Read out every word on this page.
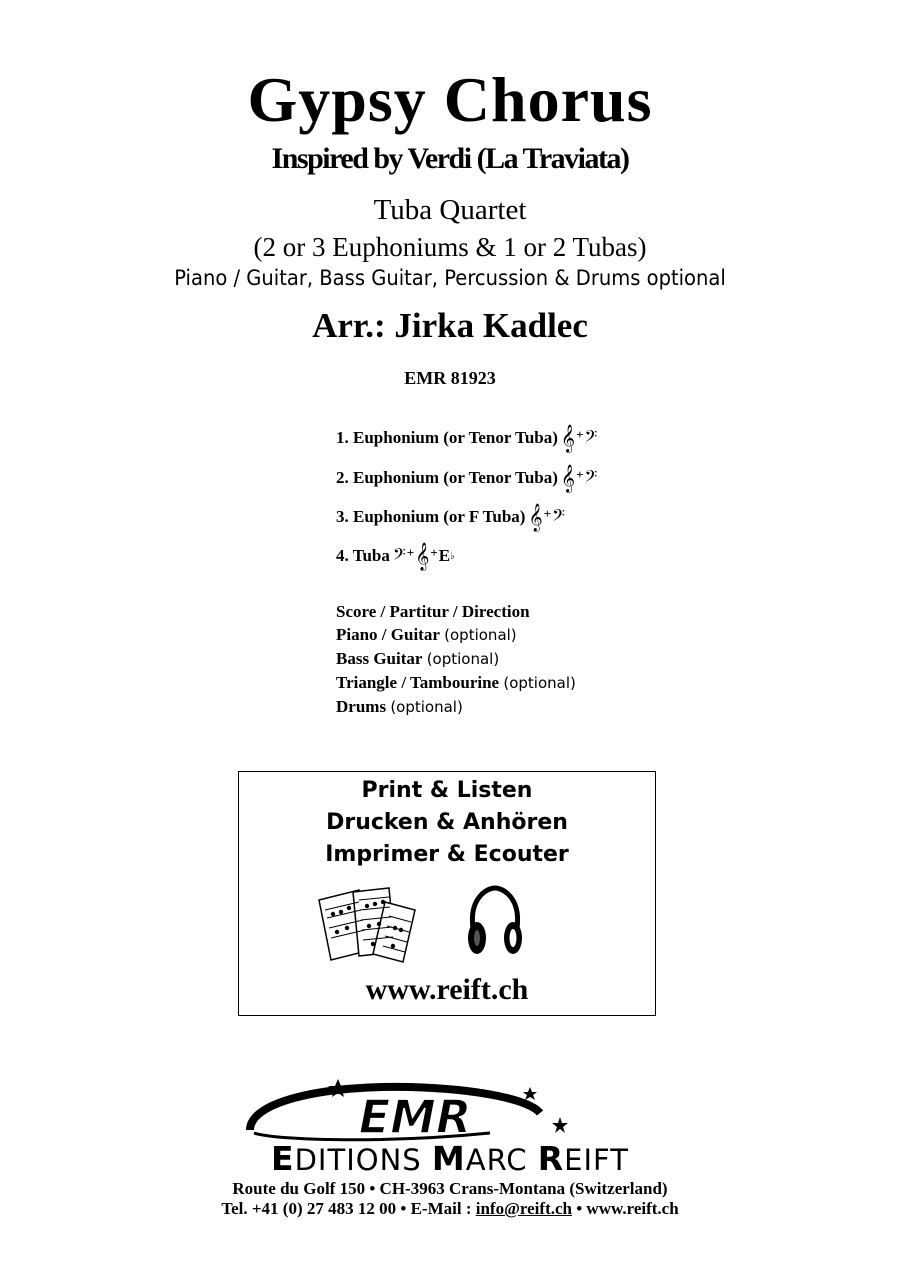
Gypsy Chorus
Inspired by Verdi (La Traviata)
Tuba Quartet
(2 or 3 Euphoniums & 1 or 2 Tubas)
Piano / Guitar, Bass Guitar, Percussion & Drums optional
Arr.: Jirka Kadlec
EMR 81923
1. Euphonium (or Tenor Tuba) 𝄞 + 𝄢
2. Euphonium (or Tenor Tuba) 𝄞 + 𝄢
3. Euphonium (or F Tuba) 𝄞 + 𝄢
4. Tuba 𝄢 + 𝄞 + E ♭
Score / Partitur / Direction
Piano / Guitar (optional)
Bass Guitar (optional)
Triangle / Tambourine (optional)
Drums (optional)
Print & Listen
Drucken & Anhören
Imprimer & Ecouter
www.reift.ch
EMR
EDITIONS MARC REIFT
Route du Golf 150 • CH-3963 Crans-Montana (Switzerland)
Tel. +41 (0) 27 483 12 00 • E-Mail : info@reift.ch • www.reift.ch
